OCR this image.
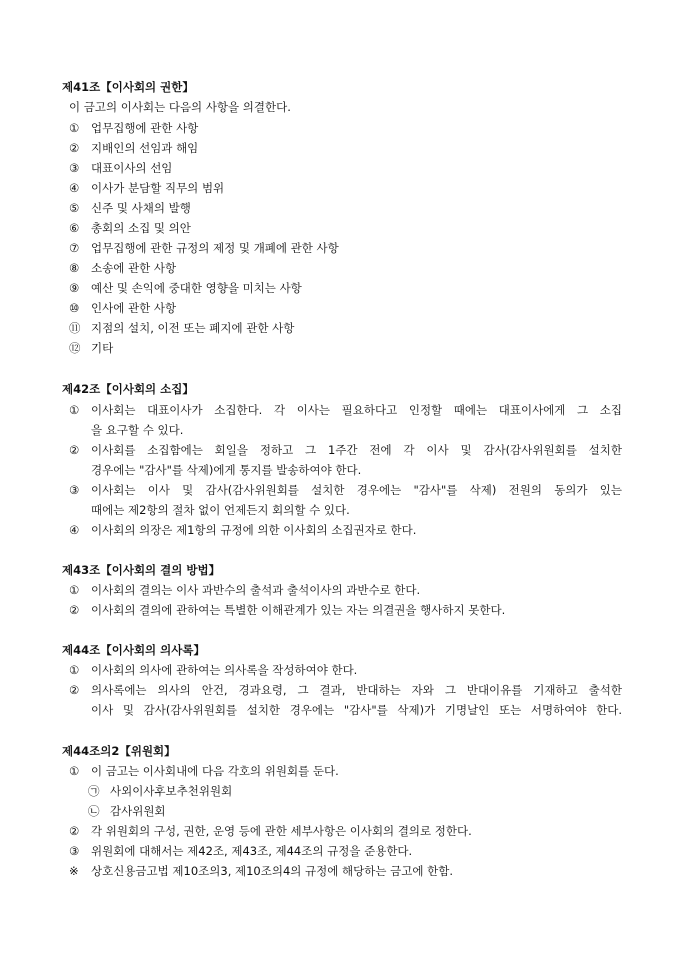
제41조【이사회의 권한】
이 금고의 이사회는 다음의 사항을 의결한다.
① 업무집행에 관한 사항
② 지배인의 선임과 해임
③ 대표이사의 선임
④ 이사가 분담할 직무의 범위
⑤ 신주 및 사채의 발행
⑥ 총회의 소집 및 의안
⑦ 업무집행에 관한 규정의 제정 및 개폐에 관한 사항
⑧ 소송에 관한 사항
⑨ 예산 및 손익에 중대한 영향을 미치는 사항
⑩ 인사에 관한 사항
⑪ 지점의 설치, 이전 또는 폐지에 관한 사항
⑫ 기타
제42조【이사회의 소집】
① 이사회는 대표이사가 소집한다. 각 이사는 필요하다고 인정할 때에는 대표이사에게 그 소집
을 요구할 수 있다.
② 이사회를 소집함에는 회일을 정하고 그 1주간 전에 각 이사 및 감사(감사위원회를 설치한
경우에는 "감사"를 삭제)에게 통지를 발송하여야 한다.
③ 이사회는 이사 및 감사(감사위원회를 설치한 경우에는 "감사"를 삭제) 전원의 동의가 있는
때에는 제2항의 절차 없이 언제든지 회의할 수 있다.
④ 이사회의 의장은 제1항의 규정에 의한 이사회의 소집권자로 한다.
제43조【이사회의 결의 방법】
① 이사회의 결의는 이사 과반수의 출석과 출석이사의 과반수로 한다.
② 이사회의 결의에 관하여는 특별한 이해관계가 있는 자는 의결권을 행사하지 못한다.
제44조【이사회의 의사록】
① 이사회의 의사에 관하여는 의사록을 작성하여야 한다.
② 의사록에는 의사의 안건, 경과요령, 그 결과, 반대하는 자와 그 반대이유를 기재하고 출석한
이사 및 감사(감사위원회를 설치한 경우에는 "감사"를 삭제)가 기명날인 또는 서명하여야 한다.
제44조의2【위원회】
① 이 금고는 이사회내에 다음 각호의 위원회를 둔다.
㉠ 사외이사후보추천위원회
㉡ 감사위원회
② 각 위원회의 구성, 권한, 운영 등에 관한 세부사항은 이사회의 결의로 정한다.
③ 위원회에 대해서는 제42조, 제43조, 제44조의 규정을 준용한다.
※ 상호신용금고법 제10조의3, 제10조의4의 규정에 해당하는 금고에 한함.
